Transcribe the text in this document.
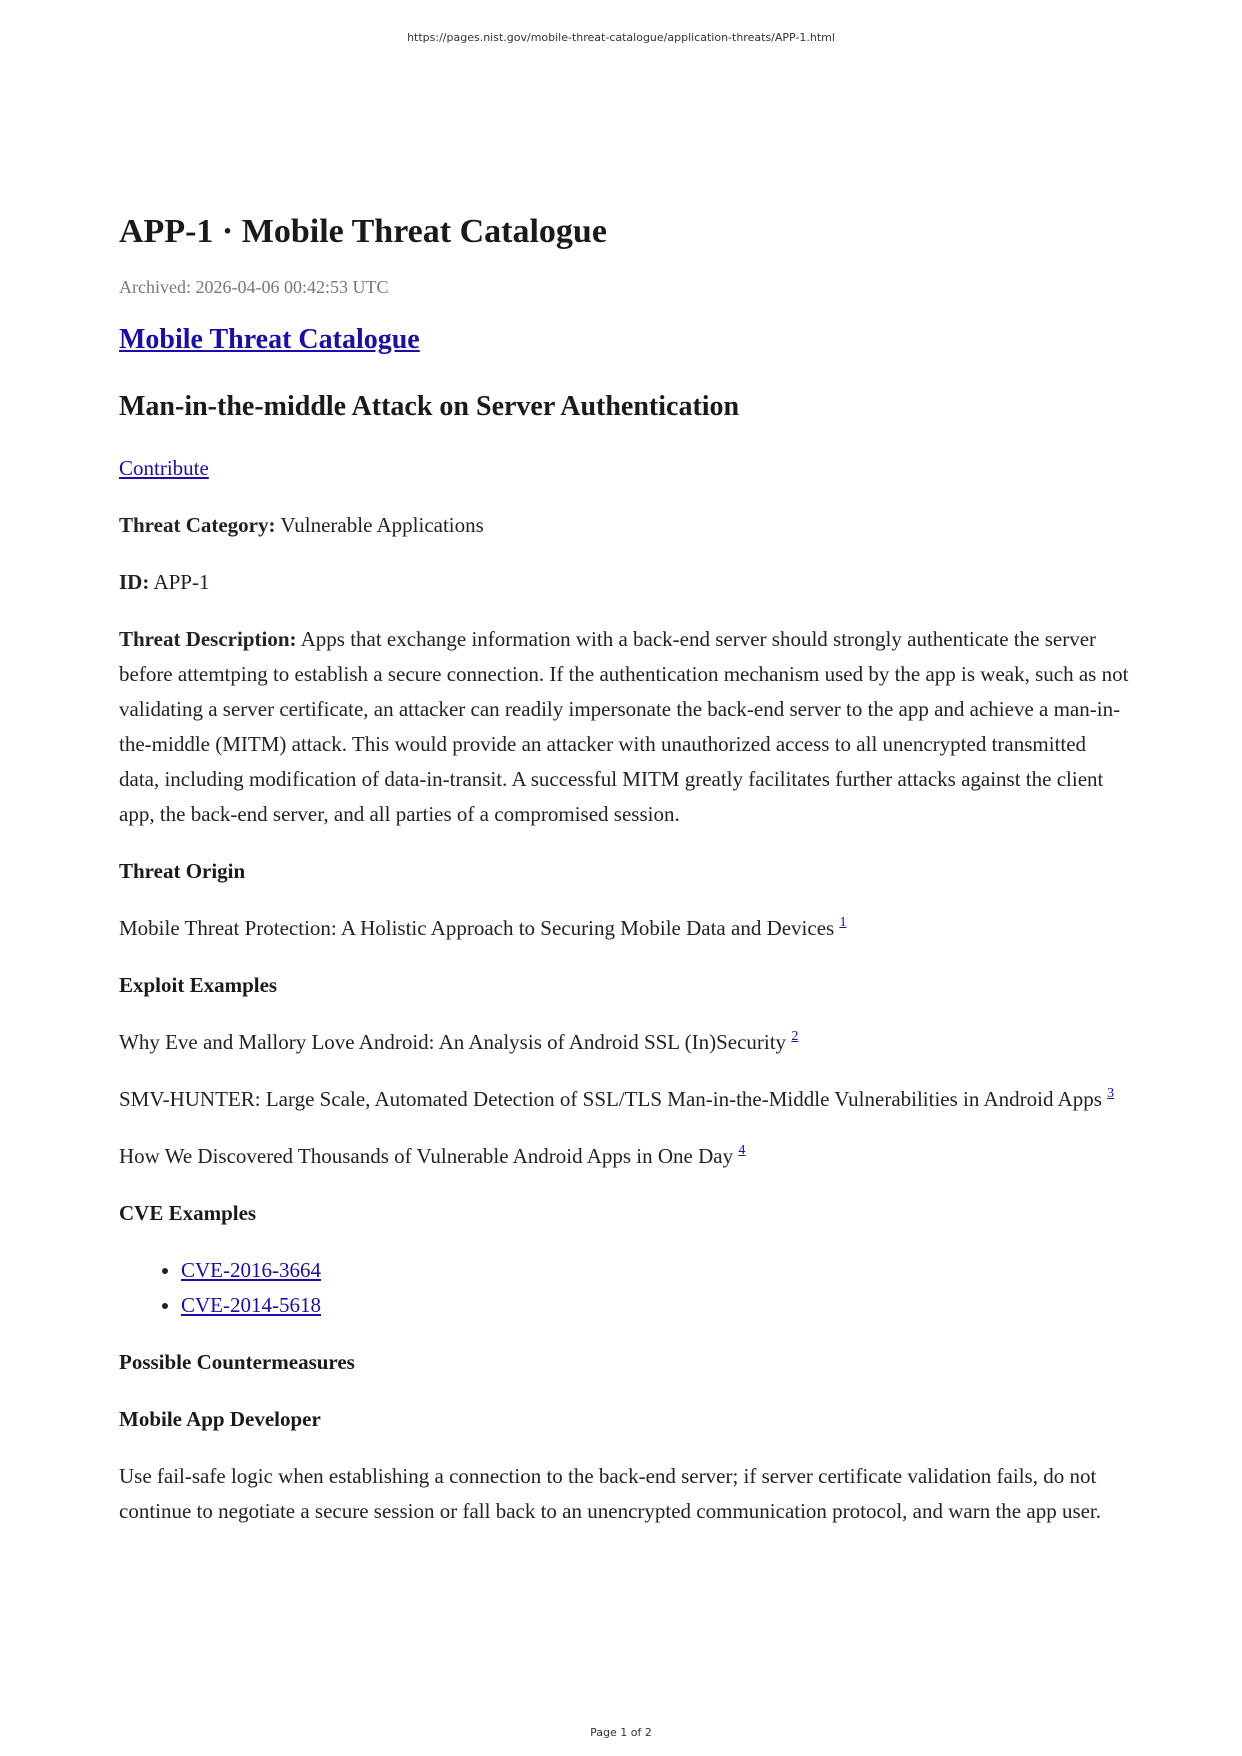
https://pages.nist.gov/mobile-threat-catalogue/application-threats/APP-1.html
APP-1 · Mobile Threat Catalogue

Archived: 2026-04-06 00:42:53 UTC

Mobile Threat Catalogue
Man-in-the-middle Attack on Server Authentication

Contribute

Threat Category: Vulnerable Applications

ID: APP-1

Threat Description: Apps that exchange information with a back-end server should strongly authenticate the server before attemtping to establish a secure connection. If the authentication mechanism used by the app is weak, such as not validating a server certificate, an attacker can readily impersonate the back-end server to the app and achieve a man-in-the-middle (MITM) attack. This would provide an attacker with unauthorized access to all unencrypted transmitted data, including modification of data-in-transit. A successful MITM greatly facilitates further attacks against the client app, the back-end server, and all parties of a compromised session.

Threat Origin

Mobile Threat Protection: A Holistic Approach to Securing Mobile Data and Devices $^1$

Exploit Examples

Why Eve and Mallory Love Android: An Analysis of Android SSL (In)Security $^2$

SMV-HUNTER: Large Scale, Automated Detection of SSL/TLS Man-in-the-Middle Vulnerabilities in Android Apps $^3$

How We Discovered Thousands of Vulnerable Android Apps in One Day $^4$

CVE Examples

• CVE-2016-3664
• CVE-2014-5618

Possible Countermeasures

Mobile App Developer

Use fail-safe logic when establishing a connection to the back-end server; if server certificate validation fails, do not continue to negotiate a secure session or fall back to an unencrypted communication protocol, and warn the app user.

Page 1 of 2
